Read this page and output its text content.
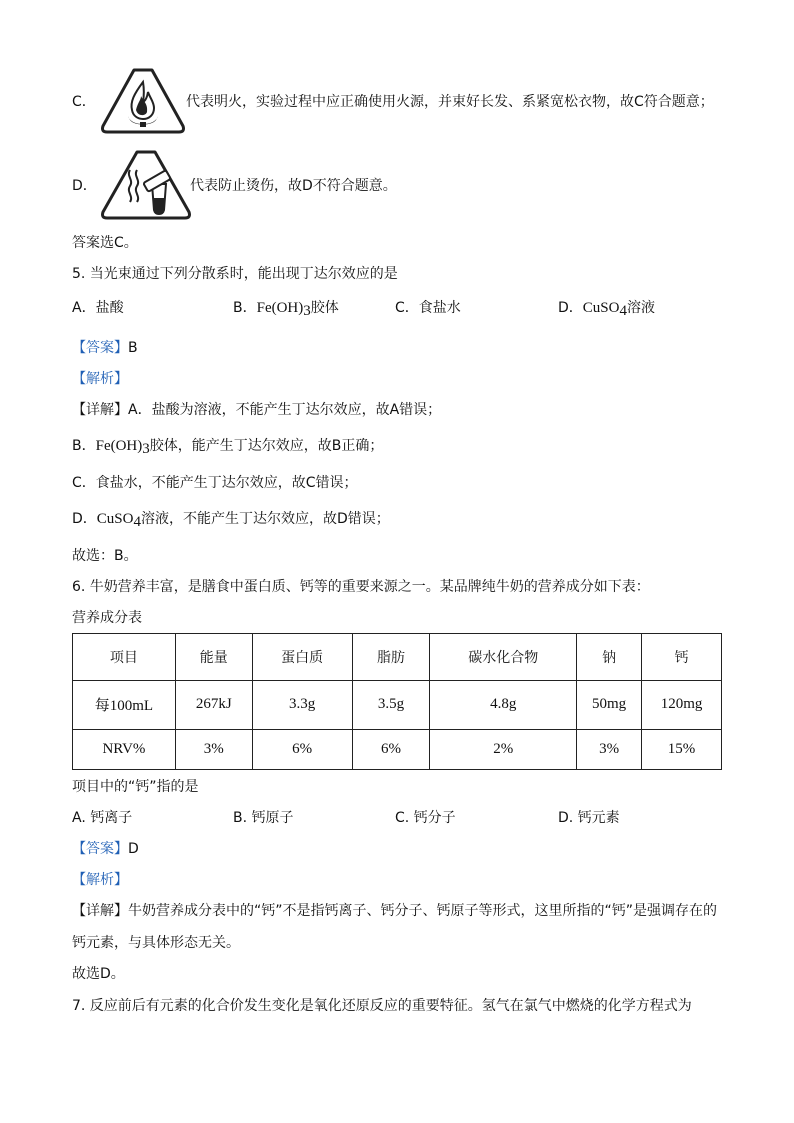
C．	代表明火，实验过程中应正确使用火源，并束好长发、系紧宽松衣物，故C符合题意；
D．	代表防止烫伤，故D不符合题意。
答案选C。
5. 当光束通过下列分散系时，能出现丁达尔效应的是
A．盐酸	B．$Fe(OH)_3$胶体	C．食盐水	D．CuSO$_4$溶液
【答案】B
【解析】
【详解】A．盐酸为溶液，不能产生丁达尔效应，故A错误；
B．$Fe(OH)_3$胶体，能产生丁达尔效应，故B正确；
C．食盐水，不能产生丁达尔效应，故C错误；
D．CuSO$_4$溶液，不能产生丁达尔效应，故D错误；
故选：B。
6. 牛奶营养丰富，是膳食中蛋白质、钙等的重要来源之一。某品牌纯牛奶的营养成分如下表：
营养成分表
项目	能量	蛋白质	脂肪	碳水化合物	钠	钙
每100mL	267kJ	3.3g	3.5g	4.8g	50mg	120mg
NRV%	3%	6%	6%	2%	3%	15%
项目中的“钙”指的是
A. 钙离子	B. 钙原子	C. 钙分子	D. 钙元素
【答案】D
【解析】
【详解】牛奶营养成分表中的“钙”不是指钙离子、钙分子、钙原子等形式，这里所指的“钙”是强调存在的
钙元素，与具体形态无关。
故选D。
7. 反应前后有元素的化合价发生变化是氧化还原反应的重要特征。氢气在氯气中燃烧的化学方程式为
